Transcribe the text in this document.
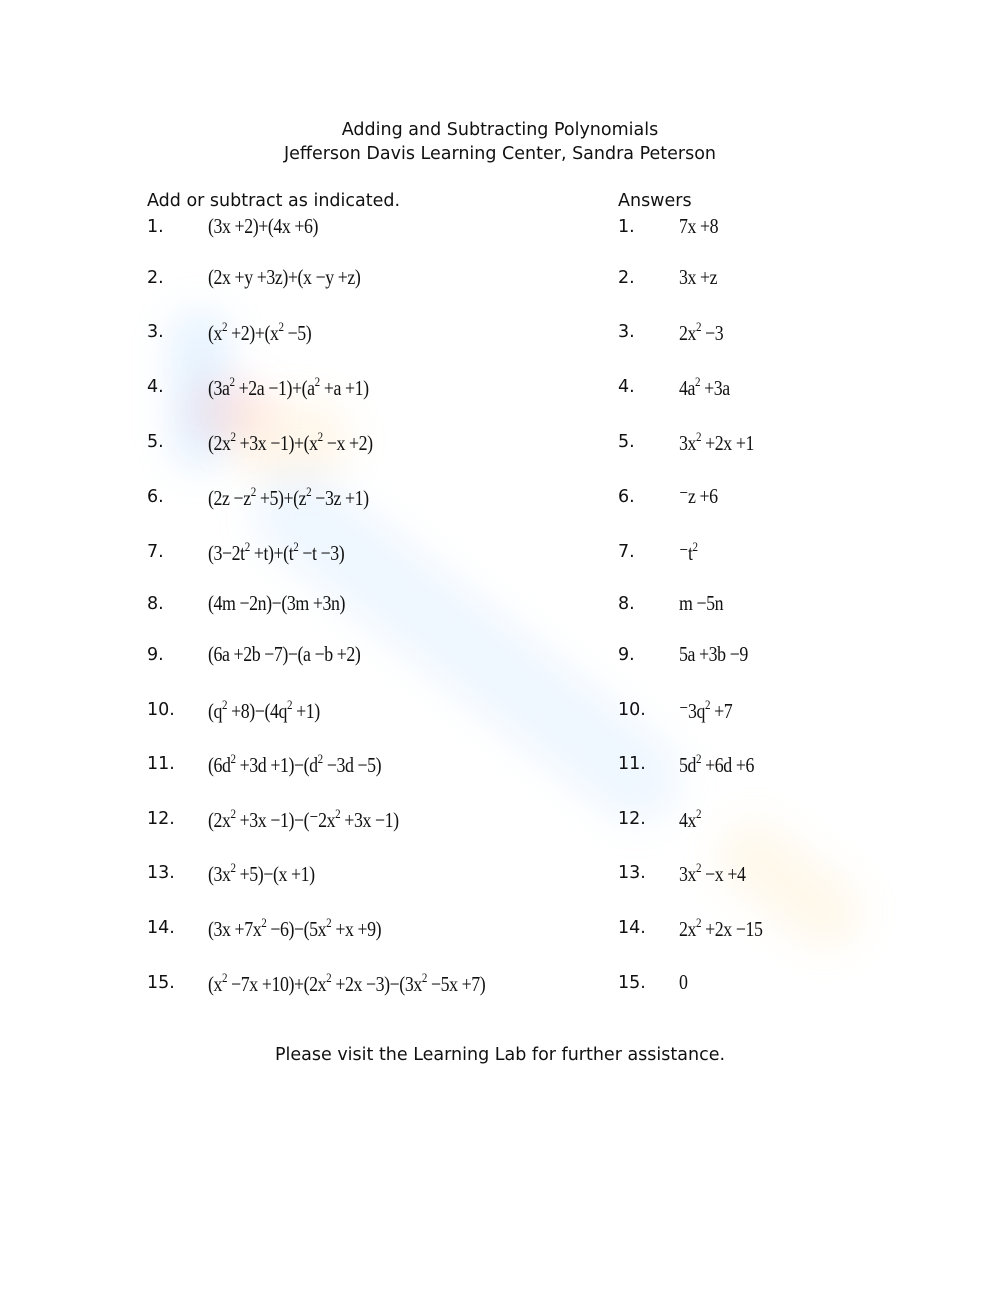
Adding and Subtracting Polynomials
Jefferson Davis Learning Center, Sandra Peterson
Add or subtract as indicated.	Answers
1. (3x +2)+(4x +6)	1. 7x +8
2. (2x +y +3z)+(x −y +z)	2. 3x +z
3. $(x^2 +2)+(x^2 -5)$	3. $2x^2 -3$
4. $(3a^2 +2a -1)+(a^2 +a +1)$	4. $4a^2 +3a$
5. $(2x^2 +3x -1)+(x^2 -x +2)$	5. $3x^2 +2x +1$
6. $(2z -z^2 +5)+(z^2 -3z +1)$	6. ⁻z +6
7. $(3-2t^2 +t)+(t^2 -t -3)$	7. $^-t^2$
8. (4m −2n)−(3m +3n)	8. m −5n
9. (6a +2b −7)−(a −b +2)	9. 5a +3b −9
10. $(q^2 +8)-(4q^2 +1)$	10. $^-3q^2 +7$
11. $(6d^2 +3d +1)-(d^2 -3d -5)$	11. $5d^2 +6d +6$
12. $(2x^2 +3x -1)-(^-2x^2 +3x -1)$	12. $4x^2$
13. $(3x^2 +5)-(x +1)$	13. $3x^2 -x +4$
14. $(3x +7x^2 -6)-(5x^2 +x +9)$	14. $2x^2 +2x -15$
15. $(x^2 -7x +10)+(2x^2 +2x -3)-(3x^2 -5x +7)$	15. 0
Please visit the Learning Lab for further assistance.
